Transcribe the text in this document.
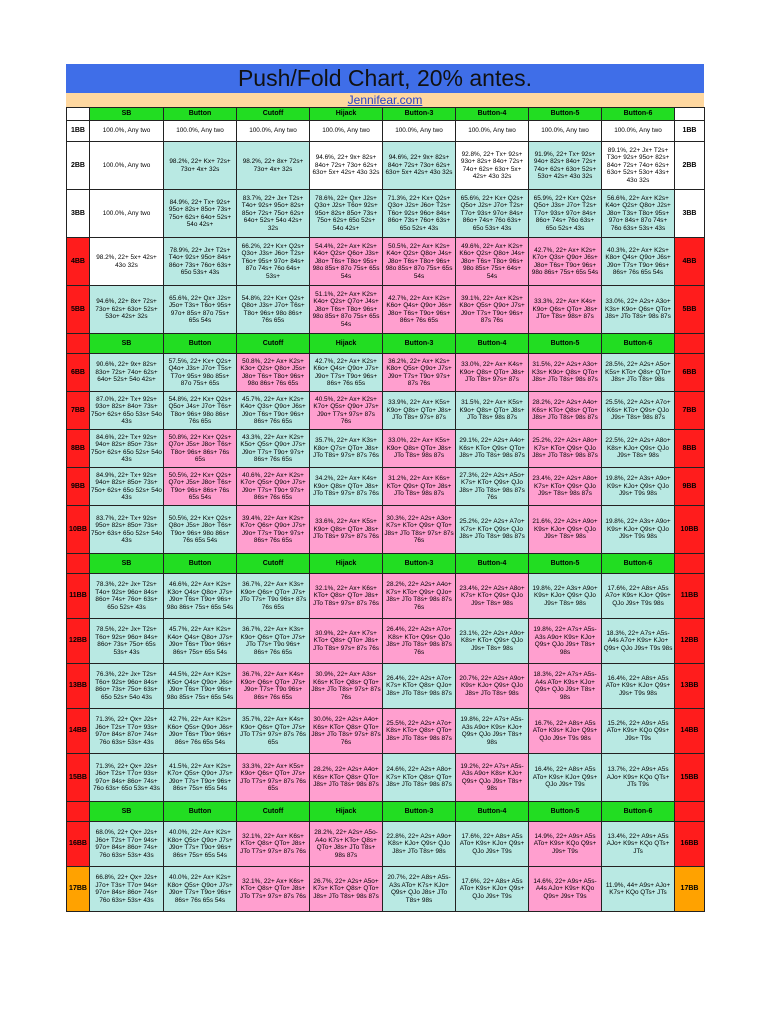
Push/Fold Chart, 20% antes.
Jennifear.com
	SB	Button	Cutoff	Hijack	Button-3	Button-4	Button-5	Button-6	
1BB	100.0%, Any two	100.0%, Any two	100.0%, Any two	100.0%, Any two	100.0%, Any two	100.0%, Any two	100.0%, Any two	100.0%, Any two	1BB
2BB	100.0%, Any two	98.2%, 22+ Kx+ 72s+ 73o+ 4x+ 32s	98.2%, 22+ 8x+ 72s+ 73o+ 4x+ 32s	94.6%, 22+ 9x+ 82s+ 84o+ 72s+ 73o+ 62s+ 63o+ 5x+ 42s+ 43o 32s	94.6%, 22+ 9x+ 82s+ 84o+ 72s+ 73o+ 62s+ 63o+ 5x+ 42s+ 43o 32s	92.8%, 22+ Tx+ 92s+ 93o+ 82s+ 84o+ 72s+ 74o+ 62s+ 63o+ 5x+ 42s+ 43o 32s	91.9%, 22+ Tx+ 92s+ 94o+ 82s+ 84o+ 72s+ 74o+ 62s+ 63o+ 52s+ 53o+ 42s+ 43o 32s	89.1%, 22+ Jx+ T2s+ T3o+ 92s+ 95o+ 82s+ 84o+ 72s+ 74o+ 62s+ 63o+ 52s+ 53o+ 43s+ 43o 32s	2BB
3BB	100.0%, Any two	84.9%, 22+ Tx+ 92s+ 95o+ 82s+ 85o+ 73s+ 75o+ 62s+ 64o+ 52s+ 54o 42s+	83.7%, 22+ Jx+ T2s+ T4o+ 92s+ 95o+ 82s+ 85o+ 72s+ 75o+ 62s+ 64o+ 52s+ 54o 42s+ 32s	78.6%, 22+ Qx+ J2s+ Q3o+ J2s+ T6o+ 92s+ 95o+ 82s+ 85o+ 73s+ 75o+ 62s+ 65o 52s+ 54o 42s+	71.3%, 22+ Kx+ Q2s+ Q3o+ J2s+ J6o+ T2s+ T6o+ 92s+ 96o+ 84s+ 86o+ 73s+ 76o+ 63s+ 65o 52s+ 43s	65.6%, 22+ Kx+ Q2s+ Q5o+ J2s+ J7o+ T2s+ T7o+ 93s+ 97o+ 84s+ 86o+ 74s+ 76o 63s+ 65o 53s+ 43s	65.9%, 22+ Kx+ Q2s+ Q5o+ J3s+ J7o+ T2s+ T7o+ 93s+ 97o+ 84s+ 86o+ 74s+ 76o 63s+ 65o 52s+ 43s	56.6%, 22+ Ax+ K2s+ K4o+ Q2s+ Q8o+ J2s+ J8o+ T3s+ T8o+ 95s+ 97o+ 84s+ 87o 74s+ 76o 63s+ 53s+ 43s	3BB
4BB	98.2%, 22+ 5x+ 42s+ 43o 32s	78.9%, 22+ Jx+ T2s+ T4o+ 92s+ 95o+ 84s+ 86o+ 73s+ 76o+ 63s+ 65o 53s+ 43s	66.2%, 22+ Kx+ Q2s+ Q3o+ J3s+ J6o+ T2s+ T6o+ 95s+ 97o+ 84s+ 87o 74s+ 76o 64s+ 53s+	54.4%, 22+ Ax+ K2s+ K4o+ Q2s+ Q6o+ J3s+ J8o+ T6s+ T8o+ 95s+ 98o 85s+ 87o 75s+ 65s 54s	50.5%, 22+ Ax+ K2s+ K4o+ Q2s+ Q8o+ J4s+ J8o+ T6s+ T8o+ 96s+ 98o 85s+ 87o 75s+ 65s 54s	49.6%, 22+ Ax+ K2s+ K6o+ Q2s+ Q8o+ J4s+ J8o+ T6s+ T8o+ 96s+ 98o 85s+ 75s+ 64s+ 54s	42.7%, 22+ Ax+ K2s+ K7o+ Q3s+ Q9o+ J6s+ J8o+ T6s+ T9o+ 96s+ 98o 86s+ 75s+ 65s 54s	40.3%, 22+ Ax+ K2s+ K8o+ Q4s+ Q9o+ J6s+ J9o+ T7s+ T9o+ 96s+ 86s+ 76s 65s 54s	4BB
5BB	94.6%, 22+ 8x+ 72s+ 73o+ 62s+ 63o+ 52s+ 53o+ 42s+ 32s	65.6%, 22+ Qx+ J2s+ J5o+ T3s+ T6o+ 95s+ 97o+ 85s+ 87o 75s+ 65s 54s	54.8%, 22+ Kx+ Q2s+ Q8o+ J3s+ J7o+ T6s+ T8o+ 96s+ 98o 86s+ 76s 65s	51.1%, 22+ Ax+ K2s+ K4o+ Q2s+ Q7o+ J4s+ J8o+ T6s+ T8o+ 96s+ 98o 85s+ 87o 75s+ 65s 54s	42.7%, 22+ Ax+ K2s+ K6o+ Q4s+ Q9o+ J6s+ J8o+ T6s+ T9o+ 96s+ 86s+ 76s 65s	39.1%, 22+ Ax+ K2s+ K8o+ Q5s+ Q9o+ J7s+ J9o+ T7s+ T9o+ 96s+ 87s 76s	33.3%, 22+ Ax+ K4s+ K9o+ Q6s+ QTo+ J8s+ JTo+ T8s+ 98s+ 87s	33.0%, 22+ A2s+ A3o+ K3s+ K9o+ Q6s+ QTo+ J8s+ JTo T8s+ 98s 87s	5BB
	SB	Button	Cutoff	Hijack	Button-3	Button-4	Button-5	Button-6	
6BB	90.6%, 22+ 9x+ 82s+ 83o+ 72s+ 74o+ 62s+ 64o+ 52s+ 54o 42s+	57.5%, 22+ Kx+ Q2s+ Q4o+ J3s+ J7o+ T5s+ T7o+ 95s+ 98o 85s+ 87o 75s+ 65s	50.8%, 22+ Ax+ K2s+ K3o+ Q2s+ Q8o+ J5s+ J8o+ T6s+ T8o+ 96s+ 98o 86s+ 76s 65s	42.7%, 22+ Ax+ K2s+ K6o+ Q4s+ Q9o+ J7s+ J9o+ T7s+ T9o+ 96s+ 86s+ 76s 65s	36.2%, 22+ Ax+ K2s+ K8o+ Q5s+ Q9o+ J7s+ J9o+ T7s+ T9o+ 97s+ 87s 76s	33.0%, 22+ Ax+ K4s+ K9o+ Q8s+ QTo+ J8s+ JTo T8s+ 97s+ 87s	31.5%, 22+ A2s+ A3o+ K3s+ K9o+ Q8s+ QTo+ J8s+ JTo T8s+ 98s 87s	28.5%, 22+ A2s+ A5o+ K5s+ KTo+ Q8s+ QTo+ J8s+ JTo T8s+ 98s	6BB
7BB	87.0%, 22+ Tx+ 92s+ 93o+ 82s+ 84o+ 73s+ 75o+ 62s+ 65o 53s+ 54o 43s	54.8%, 22+ Kx+ Q2s+ Q5o+ J4s+ J7o+ T6s+ T8o+ 96s+ 98o 86s+ 76s 65s	45.7%, 22+ Ax+ K2s+ K4o+ Q3s+ Q9o+ J6s+ J9o+ T6s+ T9o+ 96s+ 86s+ 76s 65s	40.5%, 22+ Ax+ K2s+ K7o+ Q5s+ Q9o+ J7s+ J9o+ T7s+ 97s+ 87s 76s	33.9%, 22+ Ax+ K5s+ K9o+ Q8s+ QTo+ J8s+ JTo T8s+ 97s+ 87s	31.5%, 22+ Ax+ K5s+ K9o+ Q8s+ QTo+ J8s+ JTo T8s+ 98s 87s	28.2%, 22+ A2s+ A4o+ K6s+ KTo+ Q8s+ QTo+ J8s+ JTo T8s+ 98s 87s	25.5%, 22+ A2s+ A7o+ K6s+ KTo+ Q9s+ QJo J9s+ T8s+ 98s 87s	7BB
8BB	84.6%, 22+ Tx+ 92s+ 94o+ 82s+ 85o+ 73s+ 75o+ 62s+ 65o 52s+ 54o 43s	50.8%, 22+ Kx+ Q2s+ Q7o+ J5s+ J8o+ T6s+ T8o+ 96s+ 86s+ 76s 65s	43.3%, 22+ Ax+ K2s+ K5o+ Q5s+ Q9o+ J7s+ J9o+ T7s+ T9o+ 97s+ 86s+ 76s 65s	35.7%, 22+ Ax+ K3s+ K8o+ Q7s+ QTo+ J8s+ JTo T8s+ 97s+ 87s 76s	33.0%, 22+ Ax+ K5s+ K9o+ Q8s+ QTo+ J8s+ JTo T8s+ 98s 87s	29.1%, 22+ A2s+ A4o+ K6s+ KTo+ Q9s+ QTo+ J8s+ JTo T8s+ 98s 87s	25.2%, 22+ A2s+ A8o+ K7s+ KTo+ Q9s+ QJo J8s+ JTo T8s+ 98s 87s	22.5%, 22+ A2s+ A8o+ K8s+ KJo+ Q9s+ QJo J9s+ T8s+ 98s	8BB
9BB	84.9%, 22+ Tx+ 92s+ 94o+ 82s+ 85o+ 73s+ 75o+ 62s+ 65o 52s+ 54o 43s	50.5%, 22+ Kx+ Q2s+ Q7o+ J5s+ J8o+ T6s+ T9o+ 96s+ 86s+ 76s 65s 54s	40.6%, 22+ Ax+ K2s+ K7o+ Q5s+ Q9o+ J7s+ J9o+ T7s+ T9o+ 97s+ 86s+ 76s 65s	34.2%, 22+ Ax+ K4s+ K9o+ Q8s+ QTo+ J8s+ JTo T8s+ 97s+ 87s 76s	31.2%, 22+ Ax+ K6s+ KTo+ Q9s+ QTo+ J8s+ JTo T8s+ 98s 87s	27.3%, 22+ A2s+ A5o+ K7s+ KTo+ Q9s+ QJo J8s+ JTo T8s+ 98s 87s 76s	23.4%, 22+ A2s+ A8o+ K7s+ KTo+ Q9s+ QJo J9s+ T8s+ 98s 87s	19.8%, 22+ A3s+ A9o+ K9s+ KJo+ Q9s+ QJo J9s+ T9s 98s	9BB
10BB	83.7%, 22+ Tx+ 92s+ 95o+ 82s+ 85o+ 73s+ 75o+ 63s+ 65o 52s+ 54o 43s	50.5%, 22+ Kx+ Q2s+ Q8o+ J5s+ J8o+ T6s+ T9o+ 96s+ 98o 86s+ 76s 65s 54s	39.4%, 22+ Ax+ K2s+ K7o+ Q6s+ Q9o+ J7s+ J9o+ T7s+ T9o+ 97s+ 86s+ 76s 65s	33.6%, 22+ Ax+ K5s+ K9o+ Q8s+ QTo+ J8s+ JTo T8s+ 97s+ 87s 76s	30.3%, 22+ A2s+ A3o+ K7s+ KTo+ Q9s+ QTo+ J8s+ JTo T8s+ 97s+ 87s 76s	25.2%, 22+ A2s+ A7o+ K7s+ KTo+ Q9s+ QJo J8s+ JTo T8s+ 98s 87s	21.6%, 22+ A2s+ A9o+ K9s+ KJo+ Q9s+ QJo J9s+ T8s+ 98s	19.8%, 22+ A3s+ A9o+ K9s+ KJo+ Q9s+ QJo J9s+ T9s 98s	10BB
	SB	Button	Cutoff	Hijack	Button-3	Button-4	Button-5	Button-6	
11BB	78.3%, 22+ Jx+ T2s+ T4o+ 92s+ 96o+ 84s+ 86o+ 74s+ 76o+ 63s+ 65o 52s+ 43s	46.6%, 22+ Ax+ K2s+ K3o+ Q4s+ Q8o+ J7s+ J9o+ T6s+ T9o+ 96s+ 98o 86s+ 75s+ 65s 54s	36.7%, 22+ Ax+ K3s+ K9o+ Q6s+ QTo+ J7s+ JTo T7s+ T9o 96s+ 87s 76s 65s	32.1%, 22+ Ax+ K6s+ KTo+ Q8s+ QTo+ J8s+ JTo T8s+ 97s+ 87s 76s	28.2%, 22+ A2s+ A4o+ K7s+ KTo+ Q9s+ QJo+ J8s+ JTo T8s+ 98s 87s 76s	23.4%, 22+ A2s+ A8o+ K7s+ KTo+ Q9s+ QJo J9s+ T8s+ 98s	19.8%, 22+ A3s+ A9o+ K9s+ KJo+ Q9s+ QJo J9s+ T8s+ 98s	17.6%, 22+ A8s+ A5s A7o+ K9s+ KJo+ Q9s+ QJo J9s+ T9s 98s	11BB
12BB	78.5%, 22+ Jx+ T2s+ T6o+ 92s+ 96o+ 84s+ 86o+ 73s+ 75o+ 65s 53s+ 43s	45.7%, 22+ Ax+ K2s+ K4o+ Q4s+ Q8o+ J7s+ J9o+ T6s+ T9o+ 96s+ 86s+ 75s+ 65s 54s	36.7%, 22+ Ax+ K3s+ K9o+ Q6s+ QTo+ J7s+ JTo T7s+ T9o 96s+ 86s+ 76s 65s	30.9%, 22+ Ax+ K7s+ KTo+ Q8s+ QTo+ J8s+ JTo T8s+ 97s+ 87s 76s	26.4%, 22+ A2s+ A7o+ K8s+ KTo+ Q9s+ QJo J8s+ JTo T8s+ 98s 87s 76s	23.1%, 22+ A2s+ A9o+ K8s+ KTo+ Q9s+ QJo J9s+ T8s+ 98s	19.8%, 22+ A7s+ A5s-A3s A9o+ K9s+ KJo+ Q9s+ QJo J9s+ T8s+ 98s	18.3%, 22+ A7s+ A5s-A4s A7o+ K9s+ KJo+ Q9s+ QJo J9s+ T9s 98s	12BB
13BB	76.3%, 22+ Jx+ T2s+ T6o+ 92s+ 96o+ 84s+ 86o+ 73s+ 75o+ 63s+ 65o 52s+ 54o 43s	44.5%, 22+ Ax+ K2s+ K5o+ Q4s+ Q9o+ J6s+ J9o+ T6s+ T9o+ 96s+ 98o 85s+ 75s+ 65s 54s	36.7%, 22+ Ax+ K4s+ K9o+ Q6s+ QTo+ J7s+ J9o+ T7s+ T9o 96s+ 86s+ 76s 65s	30.9%, 22+ Ax+ A3s+ K6s+ KTo+ Q8s+ QTo+ J8s+ JTo T8s+ 97s+ 87s 76s	26.4%, 22+ A2s+ A7o+ K7s+ KTo+ Q8s+ QJo+ J8s+ JTo T8s+ 98s 87s	20.7%, 22+ A2s+ A9o+ K9s+ KJo+ Q9s+ QJo J8s+ JTo T8s+ 98s	18.3%, 22+ A7s+ A5s-A4s ATo+ K9s+ KJo+ Q9s+ QJo J9s+ T8s+ 98s	16.4%, 22+ A8s+ A5s ATo+ K9s+ KJo+ Q9s+ J9s+ T9s 98s	13BB
14BB	71.3%, 22+ Qx+ J2s+ J6o+ T2s+ T7o+ 93s+ 97o+ 84s+ 87o+ 74s+ 76o 63s+ 53s+ 43s	42.7%, 22+ Ax+ K2s+ K6o+ Q5s+ Q9o+ J6s+ J9o+ T6s+ T9o+ 96s+ 86s+ 76s 65s 54s	35.7%, 22+ Ax+ K4s+ K9o+ Q6s+ QTo+ J7s+ JTo T7s+ 97s+ 87s 76s 65s	30.0%, 22+ A2s+ A4o+ K6s+ KTo+ Q8s+ QTo+ J8s+ JTo T8s+ 97s+ 87s 76s	25.5%, 22+ A2s+ A7o+ K8s+ KTo+ Q8s+ QTo+ J8s+ JTo T8s+ 98s 87s	19.8%, 22+ A7s+ A5s-A3s A9o+ K9s+ KJo+ Q9s+ QJo J9s+ T8s+ 98s	16.7%, 22+ A8s+ A5s ATo+ K9s+ KJo+ Q9s+ QJo J9s+ T9s 98s	15.2%, 22+ A9s+ A5s ATo+ K9s+ KQo Q9s+ J9s+ T9s	14BB
15BB	71.3%, 22+ Qx+ J2s+ J6o+ T2s+ T7o+ 93s+ 97o+ 84s+ 86o+ 74s+ 76o 63s+ 65o 53s+ 43s	41.5%, 22+ Ax+ K2s+ K7o+ Q5s+ Q9o+ J7s+ J9o+ T7s+ T9o+ 96s+ 86s+ 75s+ 65s 54s	33.3%, 22+ Ax+ K5s+ K9o+ Q6s+ QTo+ J7s+ JTo T7s+ 97s+ 87s 76s 65s	28.2%, 22+ A2s+ A4o+ K6s+ KTo+ Q8s+ QTo+ J8s+ JTo T8s+ 98s 87s	24.6%, 22+ A2s+ A8o+ K7s+ KTo+ Q8s+ QTo+ J8s+ JTo T8s+ 98s 87s	19.2%, 22+ A7s+ A5s-A3s A9o+ K8s+ KJo+ Q9s+ QJo J9s+ T8s+ 98s	16.4%, 22+ A8s+ A5s ATo+ K9s+ KJo+ Q9s+ QJo J9s+ T9s	13.7%, 22+ A9s+ A5s AJo+ K9s+ KQo QTs+ JTs T9s	15BB
	SB	Button	Cutoff	Hijack	Button-3	Button-4	Button-5	Button-6	
16BB	68.0%, 22+ Qx+ J2s+ J6o+ T2s+ T7o+ 94s+ 97o+ 84s+ 86o+ 74s+ 76o 63s+ 53s+ 43s	40.0%, 22+ Ax+ K2s+ K8o+ Q5s+ Q9o+ J7s+ J9o+ T7s+ T9o+ 96s+ 86s+ 75s+ 65s 54s	32.1%, 22+ Ax+ K6s+ KTo+ Q8s+ QTo+ J8s+ JTo T7s+ 97s+ 87s 76s	28.2%, 22+ A2s+ A5o-A4o K7s+ KTo+ Q8s+ QTo+ J8s+ JTo T8s+ 98s 87s	22.8%, 22+ A2s+ A9o+ K8s+ KJo+ Q9s+ QJo J8s+ JTo T8s+ 98s	17.6%, 22+ A8s+ A5s ATo+ K9s+ KJo+ Q9s+ QJo J9s+ T9s	14.9%, 22+ A9s+ A5s ATo+ K9s+ KQo Q9s+ J9s+ T9s	13.4%, 22+ A9s+ A5s AJo+ K9s+ KQo QTs+ JTs	16BB
17BB	66.8%, 22+ Qx+ J2s+ J7o+ T3s+ T7o+ 94s+ 97o+ 84s+ 86o+ 74s+ 76o 63s+ 53s+ 43s	40.0%, 22+ Ax+ K2s+ K8o+ Q5s+ Q9o+ J7s+ J9o+ T7s+ T9o+ 96s+ 86s+ 76s 65s 54s	32.1%, 22+ Ax+ K6s+ KTo+ Q8s+ QTo+ J8s+ JTo T7s+ 97s+ 87s 76s	26.7%, 22+ A2s+ A5o+ K7s+ KTo+ Q8s+ QTo+ J8s+ JTo T8s+ 98s 87s	20.7%, 22+ A8s+ A5s-A3s ATo+ K7s+ KJo+ Q9s+ QJo J8s+ JTo T8s+ 98s	17.6%, 22+ A8s+ A5s ATo+ K9s+ KJo+ Q9s+ QJo J9s+ T9s	14.6%, 22+ A9s+ A5s-A4s AJo+ K9s+ KQo Q9s+ J9s+ T9s	11.9%, 44+ A9s+ AJo+ K7s+ KQo QTs+ JTs	17BB
